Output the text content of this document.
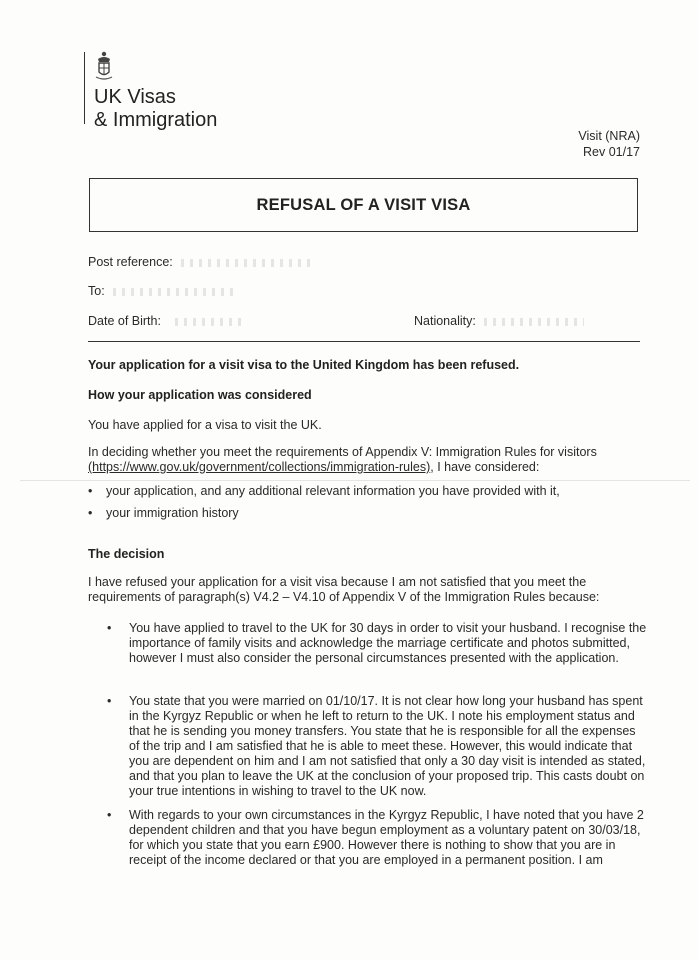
UK Visas
& Immigration
Visit (NRA)
Rev 01/17
REFUSAL OF A VISIT VISA
Post reference:
To:
Date of Birth:	Nationality:
Your application for a visit visa to the United Kingdom has been refused.
How your application was considered
You have applied for a visa to visit the UK.
In deciding whether you meet the requirements of Appendix V: Immigration Rules for visitors
(https://www.gov.uk/government/collections/immigration-rules), I have considered:
• your application, and any additional relevant information you have provided with it,
• your immigration history
The decision
I have refused your application for a visit visa because I am not satisfied that you meet the requirements of paragraph(s) V4.2 – V4.10 of Appendix V of the Immigration Rules because:
• You have applied to travel to the UK for 30 days in order to visit your husband. I recognise the importance of family visits and acknowledge the marriage certificate and photos submitted, however I must also consider the personal circumstances presented with the application.
• You state that you were married on 01/10/17. It is not clear how long your husband has spent in the Kyrgyz Republic or when he left to return to the UK. I note his employment status and that he is sending you money transfers. You state that he is responsible for all the expenses of the trip and I am satisfied that he is able to meet these. However, this would indicate that you are dependent on him and I am not satisfied that only a 30 day visit is intended as stated, and that you plan to leave the UK at the conclusion of your proposed trip. This casts doubt on your true intentions in wishing to travel to the UK now.
• With regards to your own circumstances in the Kyrgyz Republic, I have noted that you have 2 dependent children and that you have begun employment as a voluntary patent on 30/03/18, for which you state that you earn £900. However there is nothing to show that you are in receipt of the income declared or that you are employed in a permanent position. I am
